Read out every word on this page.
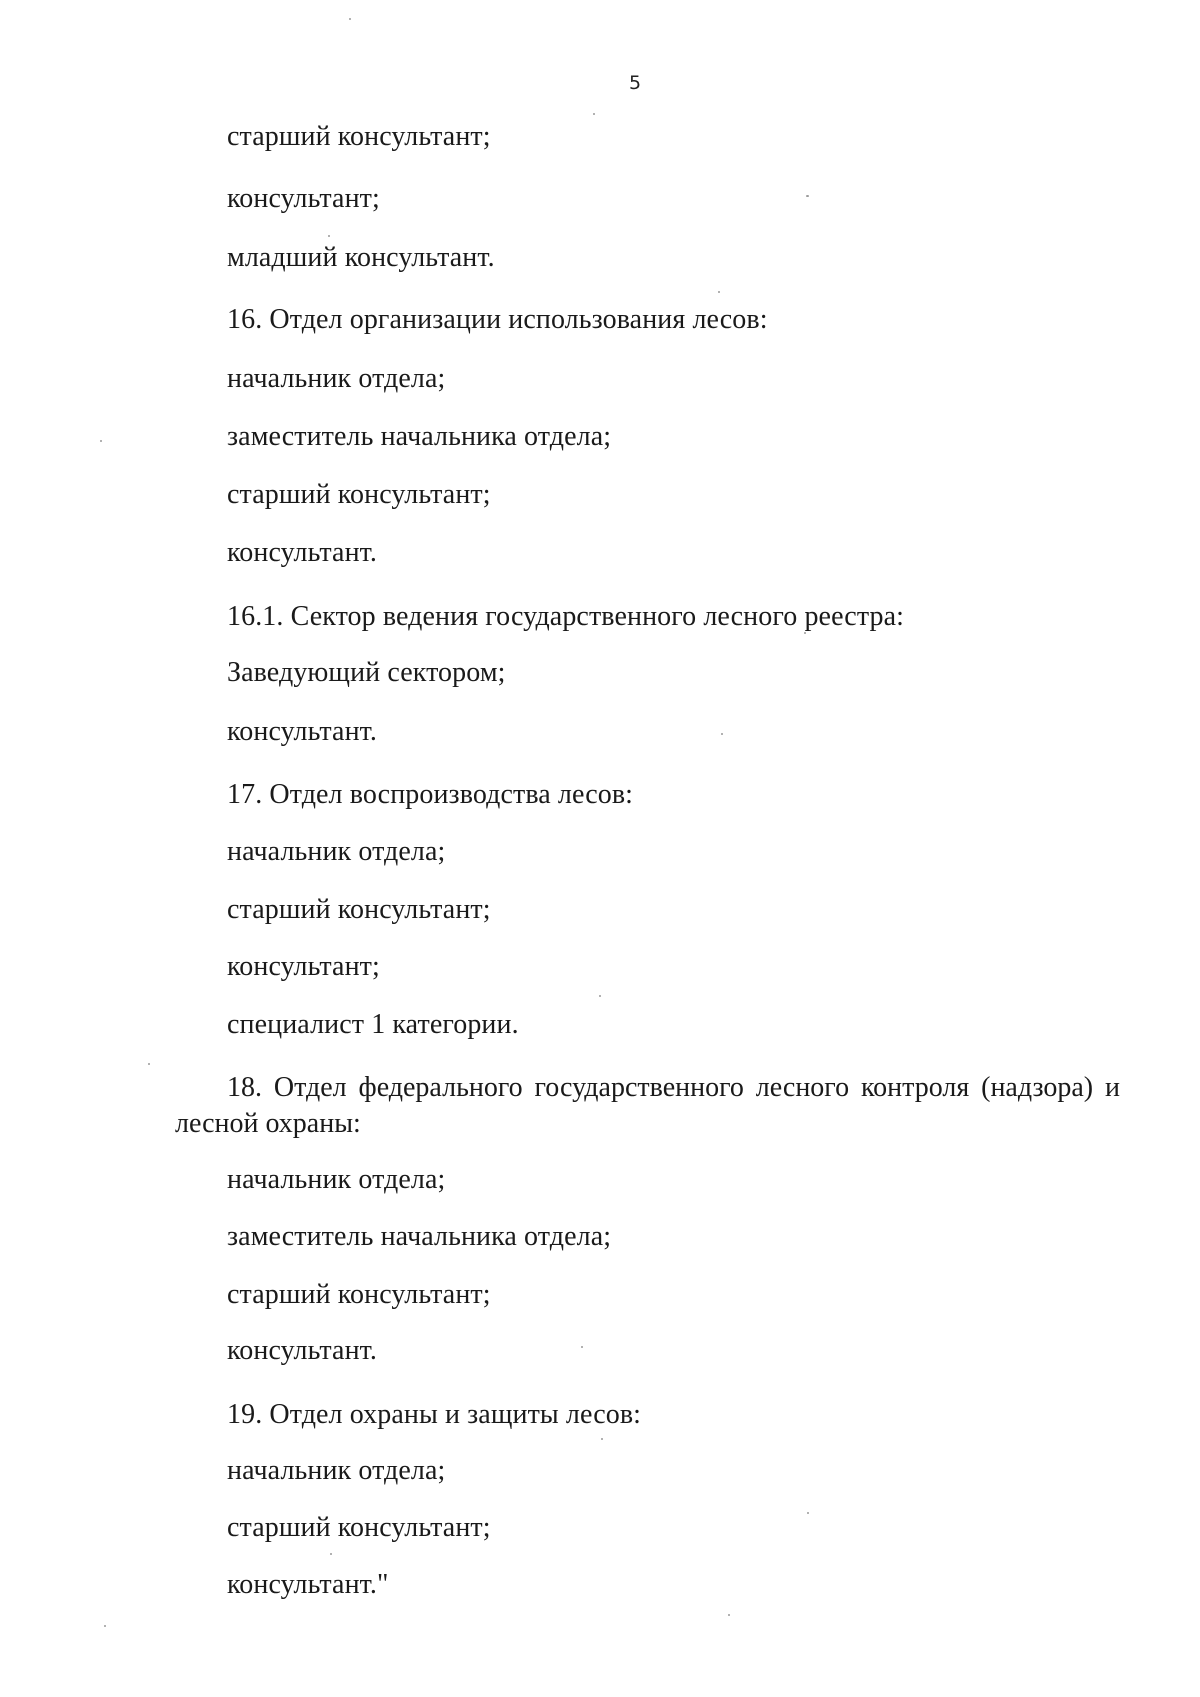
5
старший консультант;
консультант;
младший консультант.
16. Отдел организации использования лесов:
начальник отдела;
заместитель начальника отдела;
старший консультант;
консультант.
16.1. Сектор ведения государственного лесного реестра:
Заведующий сектором;
консультант.
17. Отдел воспроизводства лесов:
начальник отдела;
старший консультант;
консультант;
специалист 1 категории.
18. Отдел федерального государственного лесного контроля (надзора) и лесной охраны:
начальник отдела;
заместитель начальника отдела;
старший консультант;
консультант.
19. Отдел охраны и защиты лесов:
начальник отдела;
старший консультант;
консультант."
